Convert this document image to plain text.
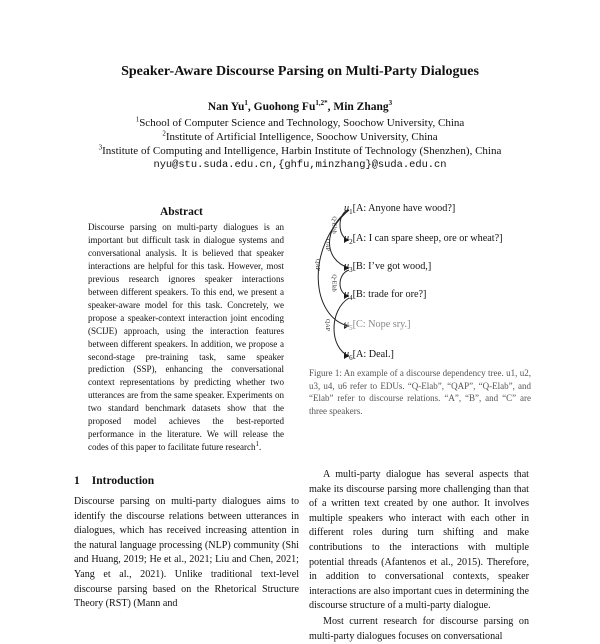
Speaker-Aware Discourse Parsing on Multi-Party Dialogues
Nan Yu$^1$, Guohong $Fu^{1,2*}$, Min Zhang$^3$
$^1$School of Computer Science and Technology, Soochow University, China
$^2$Institute of Artificial Intelligence, Soochow University, China
$^3$Institute of Computing and Intelligence, Harbin Institute of Technology (Shenzhen), China
nyu@stu.suda.edu.cn,{ghfu,minzhang}@suda.edu.cn
Abstract
Discourse parsing on multi-party dialogues is an important but difficult task in dialogue systems and conversational analysis. It is believed that speaker interactions are helpful for this task. However, most previous research ignores speaker interactions between different speakers. To this end, we present a speaker-aware model for this task. Concretely, we propose a speaker-context interaction joint encoding (SCIJE) approach, using the interaction features between different speakers. In addition, we propose a second-stage pre-training task, same speaker prediction (SSP), enhancing the conversational context representations by predicting whether two utterances are from the same speaker. Experiments on two standard benchmark datasets show that the proposed model achieves the best-reported performance in the literature. We will release the codes of this paper to facilitate future research$^1$.
1 Introduction
Discourse parsing on multi-party dialogues aims to identify the discourse relations between utterances in dialogues, which has received increasing attention in the natural language processing (NLP) community (Shi and Huang, 2019; He et al., 2021; Liu and Chen, 2021; Yang et al., 2021). Unlike traditional text-level discourse parsing based on the Rhetorical Structure Theory (RST) (Mann and
Q-Elab
QAP
QAP
Q-Elab
QAP
$u_1[A$: Anyone have wood?]
$u_2[A$: I can spare sheep, ore or wheat?]
$u_3[B$: I’ve got wood,]
$u_4[B$: trade for ore?]
$u_5[C$: Nope sry.]
$u_6[A$: Deal.]
Figure 1: An example of a discourse dependency tree. u1, u2, u3, u4, u6 refer to EDUs. “Q-Elab”, “QAP”, “Q-Elab”, and “Elab” refer to discourse relations. “A”, “B”, and “C” are three speakers.

A multi-party dialogue has several aspects that make its discourse parsing more challenging than that of a written text created by one author. It involves multiple speakers who interact with each other in different roles during turn shifting and make contributions to the interactions with multiple potential threads (Afantenos et al., 2015). Therefore, in addition to conversational contexts, speaker interactions are also important cues in determining the discourse structure of a multi-party dialogue.

Most current research for discourse parsing on multi-party dialogues focuses on conversational
